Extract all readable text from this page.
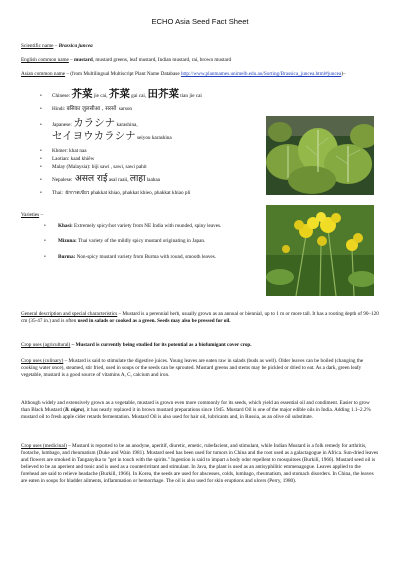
ECHO Asia Seed Fact Sheet

Scientific name – Brassica juncea

English common name – mustard, mustard greens, leaf mustard, Indian mustard, rai, brown mustard

Asian common name – (from Multilingual Multiscript Plant Name Database http://www.plantnames.unimelb.edu.au/Sorting/Brassica_juncea.html#juncea)–

• Chinese: 芥菜 jie cai, 芥菜 gai cai, 田芥菜 tian jie cai
• Hindi: बसिका जुलसीआ , सरसों sarson
• Japanese: カラシナ karashina,
セイヨウカラシナ seiyou karashina
• Khmer: khat naa
• Laotian: kaad khiêw
• Malay (Malaysia): biji sawi , sawi, sawi pahit
• Nepalese: असल राई asal raaii, लाहा laahaa
• Thai: ผักกาดเขียว phakkat khiao, phakkat khieo, phakkat khiao pli

Varieties –

•	Khasi: Extremely spicy/hot variety from NE India with rounded, spiny leaves.
•	Mizuna: Thai variety of the mildly spicy mustard originating in Japan.
•	Burma: Non-spicy mustard variety from Burma with round, smooth leaves.

General description and special characteristics – Mustard is a perennial herb, usually grown as an annual or biennial, up to 1 m or more tall. It has a rooting depth of 90–120 cm (35-47 in.) and is often used in salads or cooked as a green. Seeds may also be pressed for oil.

Crop uses (agricultural) – Mustard is currently being studied for its potential as a biofumigant cover crop.

Crop uses (culinary) – Mustard is said to stimulate the digestive juices. Young leaves are eaten raw in salads (buds as well). Older leaves can be boiled (changing the cooking water once), steamed, stir fried, used in soups or the seeds can be sprouted. Mustard greens and stems may be pickled or dried to eat. As a dark, green leafy vegetable, mustard is a good source of vitamins A, C, calcium and iron.

Although widely and extensively grown as a vegetable, mustard is grown even more commonly for its seeds, which yield an essential oil and condiment. Easier to grow than Black Mustard (B. nigra), it has nearly replaced it in brown mustard preparations since 1945. Mustard Oil is one of the major edible oils in India. Adding 1.1–2.2% mustard oil to fresh apple cider retards fermentation. Mustard Oil is also used for hair oil, lubricants and, in Russia, as an olive oil substitute.

Crop uses (medicinal) – Mustard is reported to be an anodyne, aperitif, diuretic, emetic, rubefacient, and stimulant, while Indian Mustard is a folk remedy for arthritis, footache, lumbago, and rheumatism (Duke and Wain 1981). Mustard seed has been used for tumors in China and the root used as a galactagogue in Africa. Sun-dried leaves and flowers are smoked in Tanganyika to "get in touch with the spirits." Ingestion is said to impart a body odor repellent to mosquitoes (Burkill, 1966). Mustard seed oil is believed to be an aperient and tonic and is used as a counterirritant and stimulant. In Java, the plant is used as an antisyphilitic emmenagogue. Leaves applied to the forehead are said to relieve headache (Burkill, 1966). In Korea, the seeds are used for abscesses, colds, lumbago, rheumatism, and stomach disorders. In China, the leaves are eaten in soups for bladder ailments, inflammation or hemorrhage. The oil is also used for skin eruptions and ulcers (Perry, 1980).
